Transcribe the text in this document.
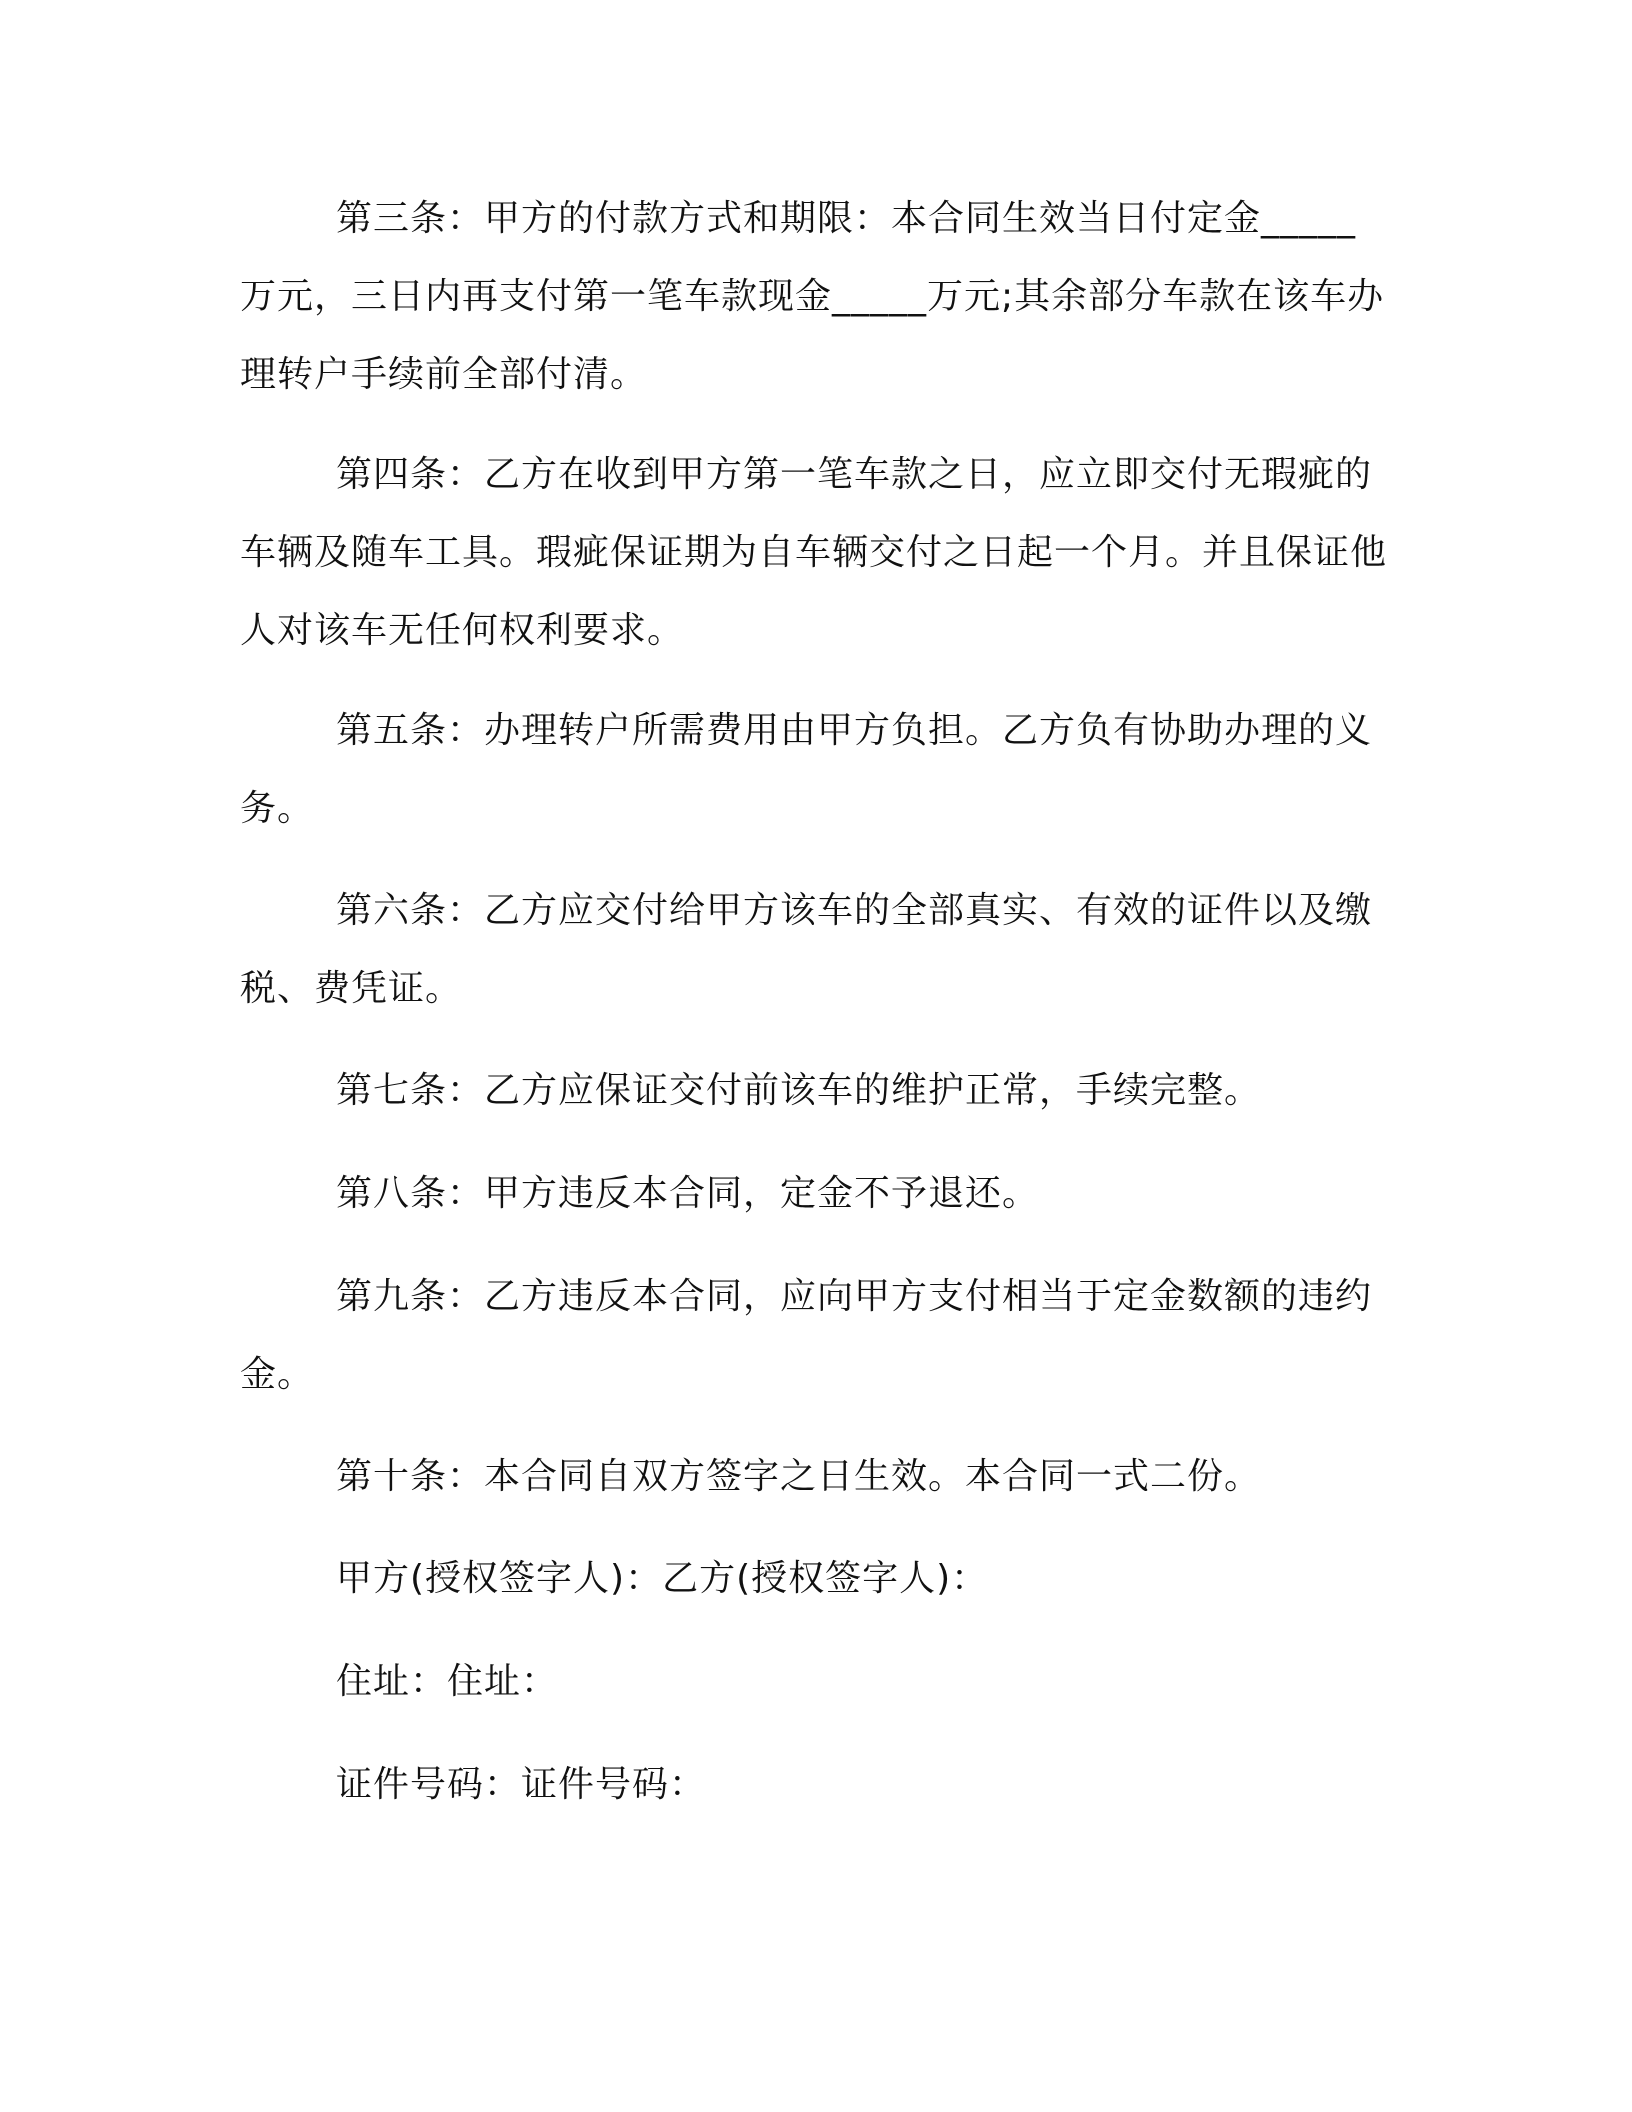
第三条：甲方的付款方式和期限：本合同生效当日付定金_____万元，三日内再支付第一笔车款现金_____万元;其余部分车款在该车办理转户手续前全部付清。

第四条：乙方在收到甲方第一笔车款之日，应立即交付无瑕疵的车辆及随车工具。瑕疵保证期为自车辆交付之日起一个月。并且保证他人对该车无任何权利要求。

第五条：办理转户所需费用由甲方负担。乙方负有协助办理的义务。

第六条：乙方应交付给甲方该车的全部真实、有效的证件以及缴税、费凭证。

第七条：乙方应保证交付前该车的维护正常，手续完整。

第八条：甲方违反本合同，定金不予退还。

第九条：乙方违反本合同，应向甲方支付相当于定金数额的违约金。

第十条：本合同自双方签字之日生效。本合同一式二份。

甲方(授权签字人)：乙方(授权签字人)：

住址：住址：

证件号码：证件号码：
